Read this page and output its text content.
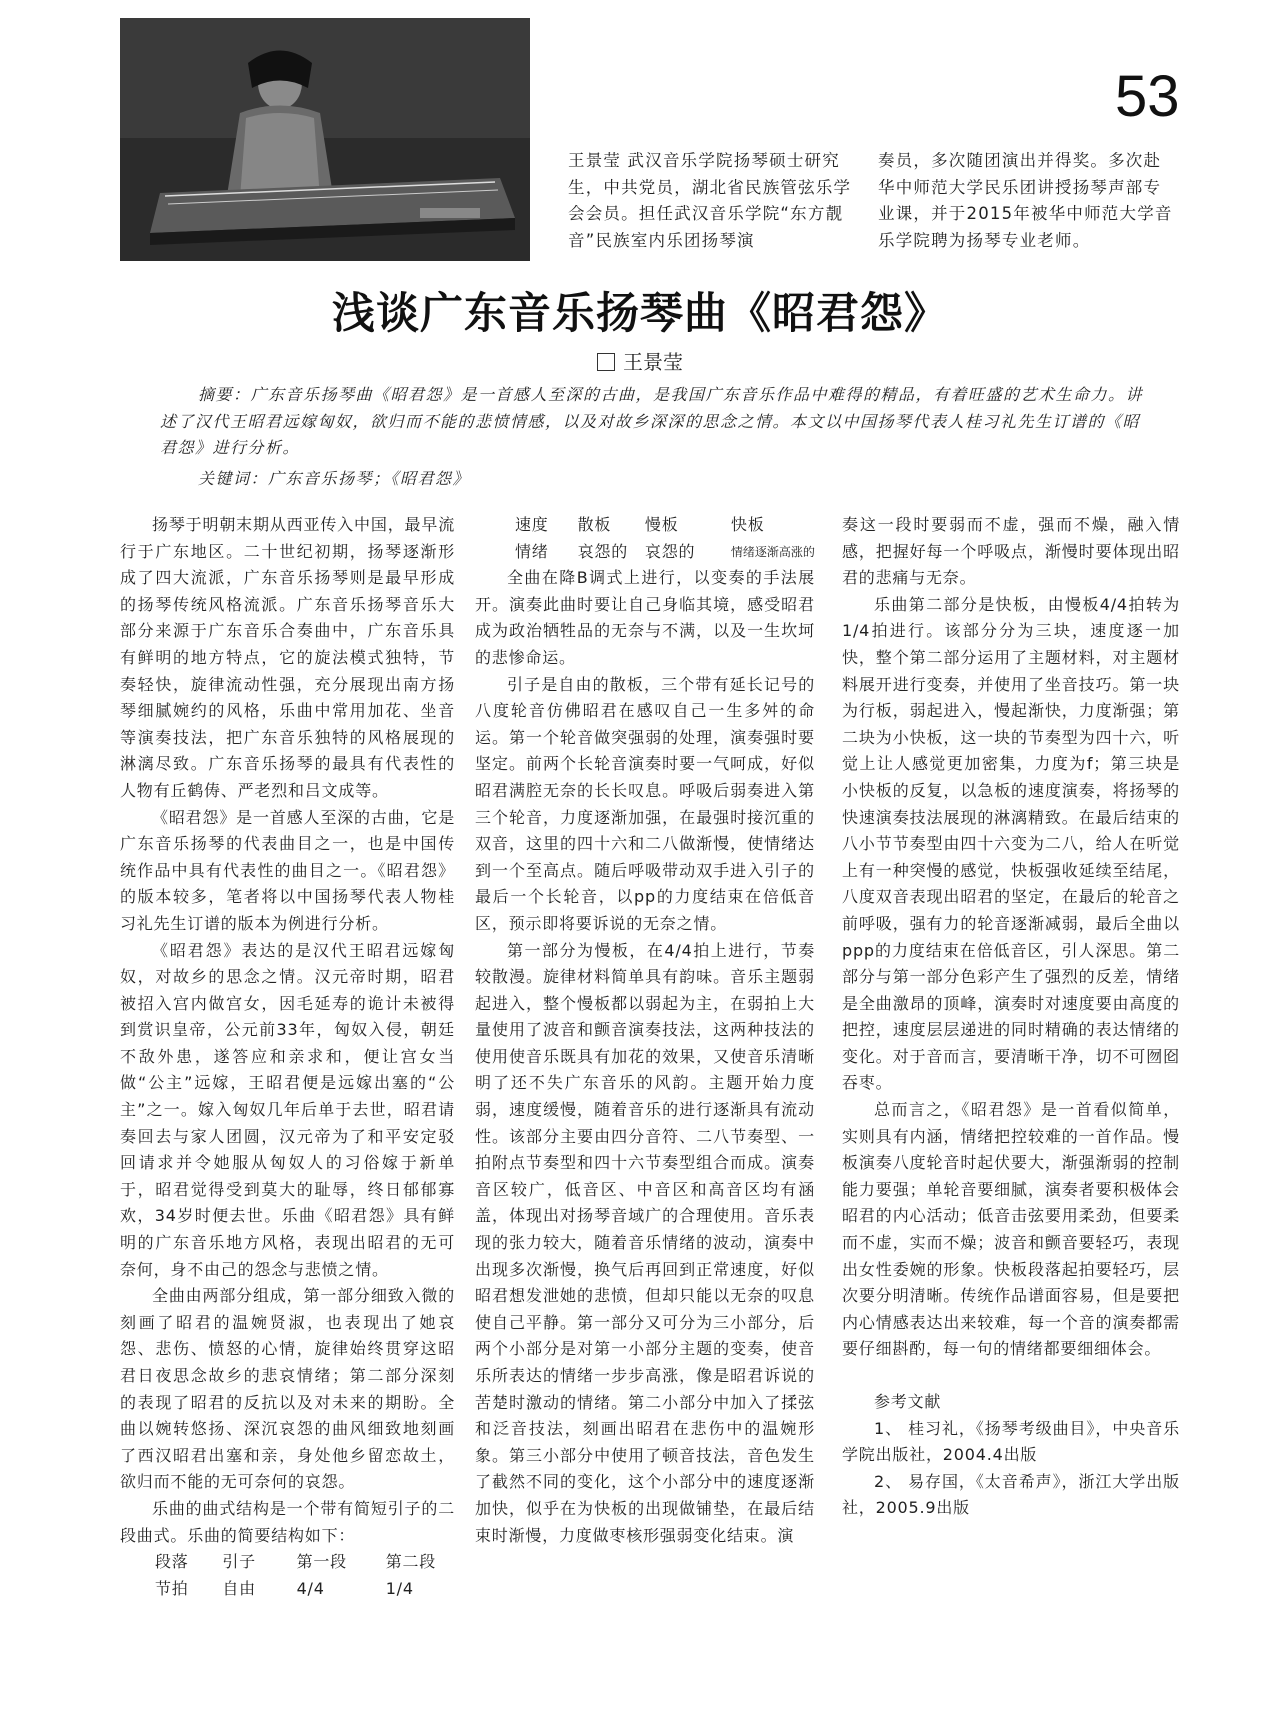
53
王景莹 武汉音乐学院扬琴硕士研究生，中共党员，湖北省民族管弦乐学会会员。担任武汉音乐学院“东方靓音”民族室内乐团扬琴演
奏员，多次随团演出并得奖。多次赴华中师范大学民乐团讲授扬琴声部专业课，并于2015年被华中师范大学音乐学院聘为扬琴专业老师。
浅谈广东音乐扬琴曲《昭君怨》
王景莹
摘要：广东音乐扬琴曲《昭君怨》是一首感人至深的古曲，是我国广东音乐作品中难得的精品，有着旺盛的艺术生命力。讲述了汉代王昭君远嫁匈奴，欲归而不能的悲愤情感，以及对故乡深深的思念之情。本文以中国扬琴代表人桂习礼先生订谱的《昭君怨》进行分析。
关键词：广东音乐扬琴；《昭君怨》

扬琴于明朝末期从西亚传入中国，最早流行于广东地区。二十世纪初期，扬琴逐渐形成了四大流派，广东音乐扬琴则是最早形成的扬琴传统风格流派。广东音乐扬琴音乐大部分来源于广东音乐合奏曲中，广东音乐具有鲜明的地方特点，它的旋法模式独特，节奏轻快，旋律流动性强，充分展现出南方扬琴细腻婉约的风格，乐曲中常用加花、坐音等演奏技法，把广东音乐独特的风格展现的淋漓尽致。广东音乐扬琴的最具有代表性的人物有丘鹤俦、严老烈和吕文成等。

《昭君怨》是一首感人至深的古曲，它是广东音乐扬琴的代表曲目之一，也是中国传统作品中具有代表性的曲目之一。《昭君怨》的版本较多，笔者将以中国扬琴代表人物桂习礼先生订谱的版本为例进行分析。

《昭君怨》表达的是汉代王昭君远嫁匈奴，对故乡的思念之情。汉元帝时期，昭君被招入宫内做宫女，因毛延寿的诡计未被得到赏识皇帝，公元前33年，匈奴入侵，朝廷不敌外患，遂答应和亲求和，便让宫女当做“公主”远嫁，王昭君便是远嫁出塞的“公主”之一。嫁入匈奴几年后单于去世，昭君请奏回去与家人团圆，汉元帝为了和平安定驳回请求并令她服从匈奴人的习俗嫁于新单于，昭君觉得受到莫大的耻辱，终日郁郁寡欢，34岁时便去世。乐曲《昭君怨》具有鲜明的广东音乐地方风格，表现出昭君的无可奈何，身不由己的怨念与悲愤之情。

全曲由两部分组成，第一部分细致入微的刻画了昭君的温婉贤淑，也表现出了她哀怨、悲伤、愤怒的心情，旋律始终贯穿这昭君日夜思念故乡的悲哀情绪；第二部分深刻的表现了昭君的反抗以及对未来的期盼。全曲以婉转悠扬、深沉哀怨的曲风细致地刻画了西汉昭君出塞和亲，身处他乡留恋故土，欲归而不能的无可奈何的哀怨。

乐曲的曲式结构是一个带有简短引子的二段曲式。乐曲的简要结构如下：

段落	引子	第一段	第二段
节拍	自由	4/4	1/4
速度	散板	慢板	快板
情绪	哀怨的	哀怨的	情绪逐渐高涨的

全曲在降B调式上进行，以变奏的手法展开。演奏此曲时要让自己身临其境，感受昭君成为政治牺牲品的无奈与不满，以及一生坎坷的悲惨命运。

引子是自由的散板，三个带有延长记号的八度轮音仿佛昭君在感叹自己一生多舛的命运。第一个轮音做突强弱的处理，演奏强时要坚定。前两个长轮音演奏时要一气呵成，好似昭君满腔无奈的长长叹息。呼吸后弱奏进入第三个轮音，力度逐渐加强，在最强时接沉重的双音，这里的四十六和二八做渐慢，使情绪达到一个至高点。随后呼吸带动双手进入引子的最后一个长轮音，以pp的力度结束在倍低音区，预示即将要诉说的无奈之情。

第一部分为慢板，在4/4拍上进行，节奏较散漫。旋律材料简单具有韵味。音乐主题弱起进入，整个慢板都以弱起为主，在弱拍上大量使用了波音和颤音演奏技法，这两种技法的使用使音乐既具有加花的效果，又使音乐清晰明了还不失广东音乐的风韵。主题开始力度弱，速度缓慢，随着音乐的进行逐渐具有流动性。该部分主要由四分音符、二八节奏型、一拍附点节奏型和四十六节奏型组合而成。演奏音区较广，低音区、中音区和高音区均有涵盖，体现出对扬琴音域广的合理使用。音乐表现的张力较大，随着音乐情绪的波动，演奏中出现多次渐慢，换气后再回到正常速度，好似昭君想发泄她的悲愤，但却只能以无奈的叹息使自己平静。第一部分又可分为三小部分，后两个小部分是对第一小部分主题的变奏，使音乐所表达的情绪一步步高涨，像是昭君诉说的苦楚时激动的情绪。第二小部分中加入了揉弦和泛音技法，刻画出昭君在悲伤中的温婉形象。第三小部分中使用了顿音技法，音色发生了截然不同的变化，这个小部分中的速度逐渐加快，似乎在为快板的出现做铺垫，在最后结束时渐慢，力度做枣核形强弱变化结束。演

奏这一段时要弱而不虚，强而不燥，融入情感，把握好每一个呼吸点，渐慢时要体现出昭君的悲痛与无奈。

乐曲第二部分是快板，由慢板4/4拍转为1/4拍进行。该部分分为三块，速度逐一加快，整个第二部分运用了主题材料，对主题材料展开进行变奏，并使用了坐音技巧。第一块为行板，弱起进入，慢起渐快，力度渐强；第二块为小快板，这一块的节奏型为四十六，听觉上让人感觉更加密集，力度为f；第三块是小快板的反复，以急板的速度演奏，将扬琴的快速演奏技法展现的淋漓精致。在最后结束的八小节节奏型由四十六变为二八，给人在听觉上有一种突慢的感觉，快板强收延续至结尾，八度双音表现出昭君的坚定，在最后的轮音之前呼吸，强有力的轮音逐渐减弱，最后全曲以ppp的力度结束在倍低音区，引人深思。第二部分与第一部分色彩产生了强烈的反差，情绪是全曲激昂的顶峰，演奏时对速度要由高度的把控，速度层层递进的同时精确的表达情绪的变化。对于音而言，要清晰干净，切不可囫囵吞枣。

总而言之，《昭君怨》是一首看似简单，实则具有内涵，情绪把控较难的一首作品。慢板演奏八度轮音时起伏要大，渐强渐弱的控制能力要强；单轮音要细腻，演奏者要积极体会昭君的内心活动；低音击弦要用柔劲，但要柔而不虚，实而不燥；波音和颤音要轻巧，表现出女性委婉的形象。快板段落起拍要轻巧，层次要分明清晰。传统作品谱面容易，但是要把内心情感表达出来较难，每一个音的演奏都需要仔细斟酌，每一句的情绪都要细细体会。

参考文献

1、 桂习礼，《扬琴考级曲目》，中央音乐学院出版社，2004.4出版

2、 易存国，《太音希声》，浙江大学出版社，2005.9出版
